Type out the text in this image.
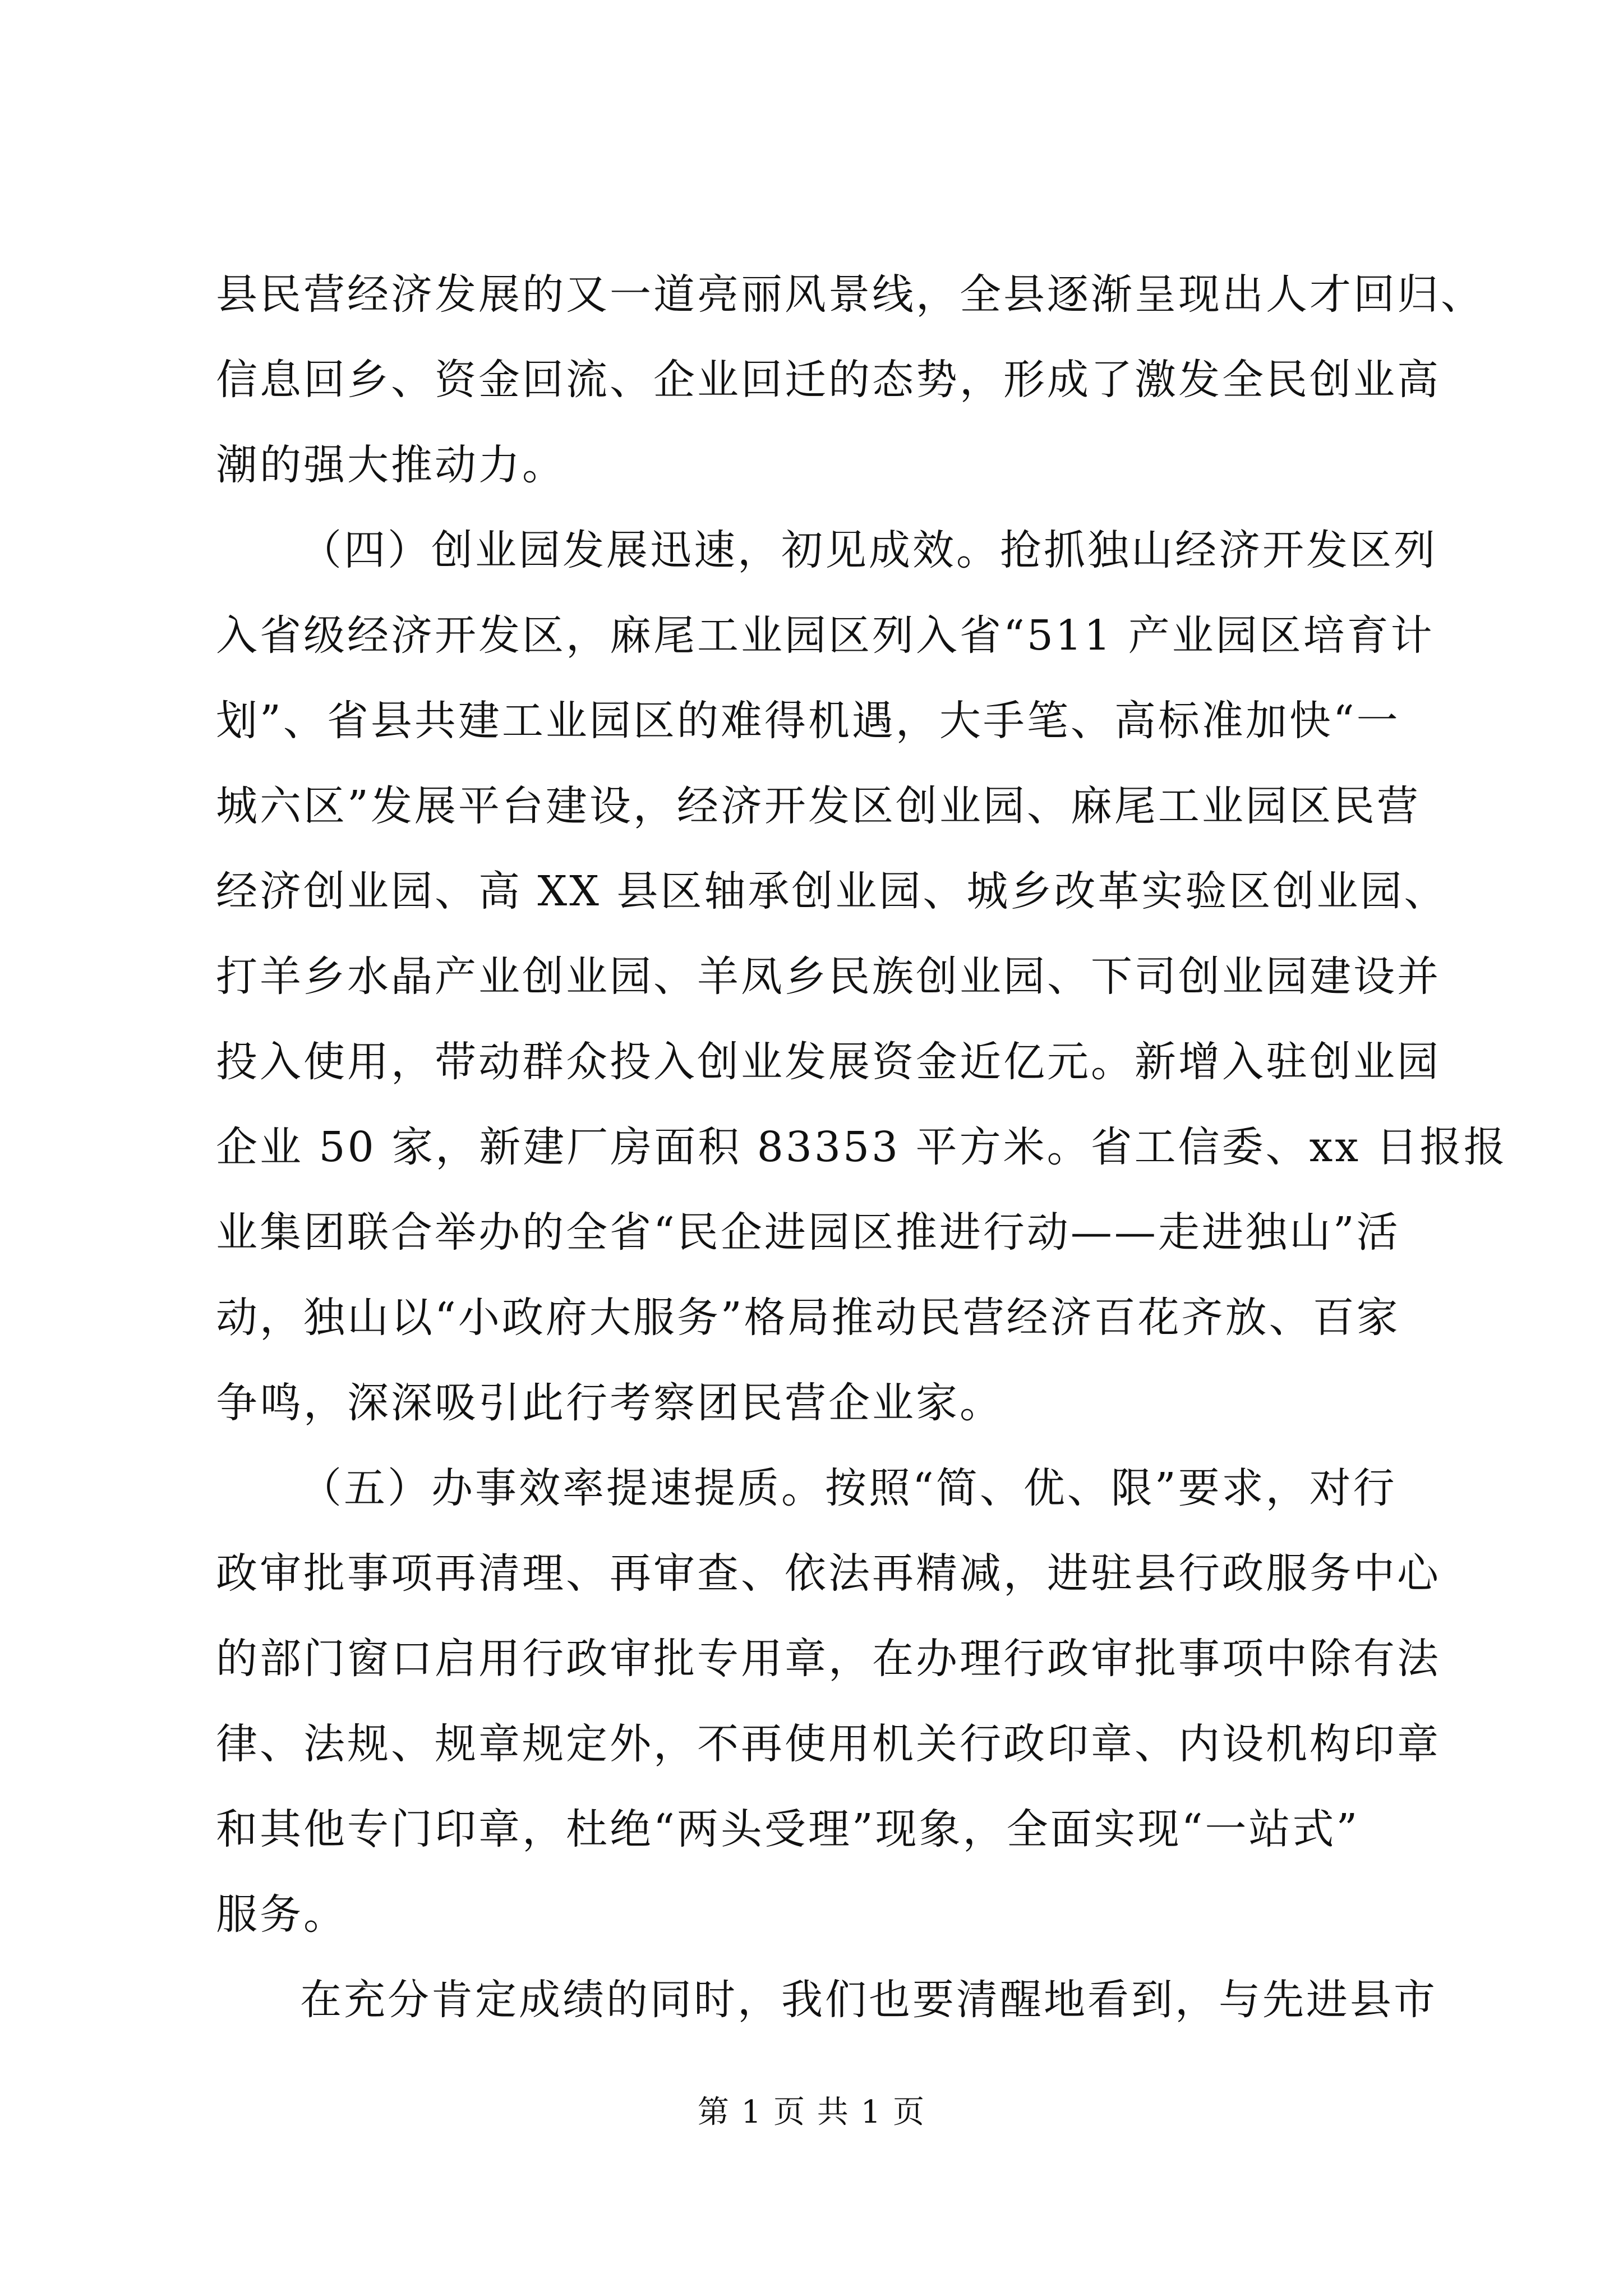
县民营经济发展的又一道亮丽风景线，全县逐渐呈现出人才回归、
信息回乡、资金回流、企业回迁的态势，形成了激发全民创业高
潮的强大推动力。
（四）创业园发展迅速，初见成效。抢抓独山经济开发区列
入省级经济开发区，麻尾工业园区列入省“511 产业园区培育计
划”、省县共建工业园区的难得机遇，大手笔、高标准加快“一
城六区”发展平台建设，经济开发区创业园、麻尾工业园区民营
经济创业园、高 XX 县区轴承创业园、城乡改革实验区创业园、
打羊乡水晶产业创业园、羊凤乡民族创业园、下司创业园建设并
投入使用，带动群众投入创业发展资金近亿元。新增入驻创业园
企业 50 家，新建厂房面积 83353 平方米。省工信委、xx 日报报
业集团联合举办的全省“民企进园区推进行动——走进独山”活
动，独山以“小政府大服务”格局推动民营经济百花齐放、百家
争鸣，深深吸引此行考察团民营企业家。
（五）办事效率提速提质。按照“简、优、限”要求，对行
政审批事项再清理、再审查、依法再精减，进驻县行政服务中心
的部门窗口启用行政审批专用章，在办理行政审批事项中除有法
律、法规、规章规定外，不再使用机关行政印章、内设机构印章
和其他专门印章，杜绝“两头受理”现象，全面实现“一站式”
服务。
在充分肯定成绩的同时，我们也要清醒地看到，与先进县市
第 1 页 共 1 页
